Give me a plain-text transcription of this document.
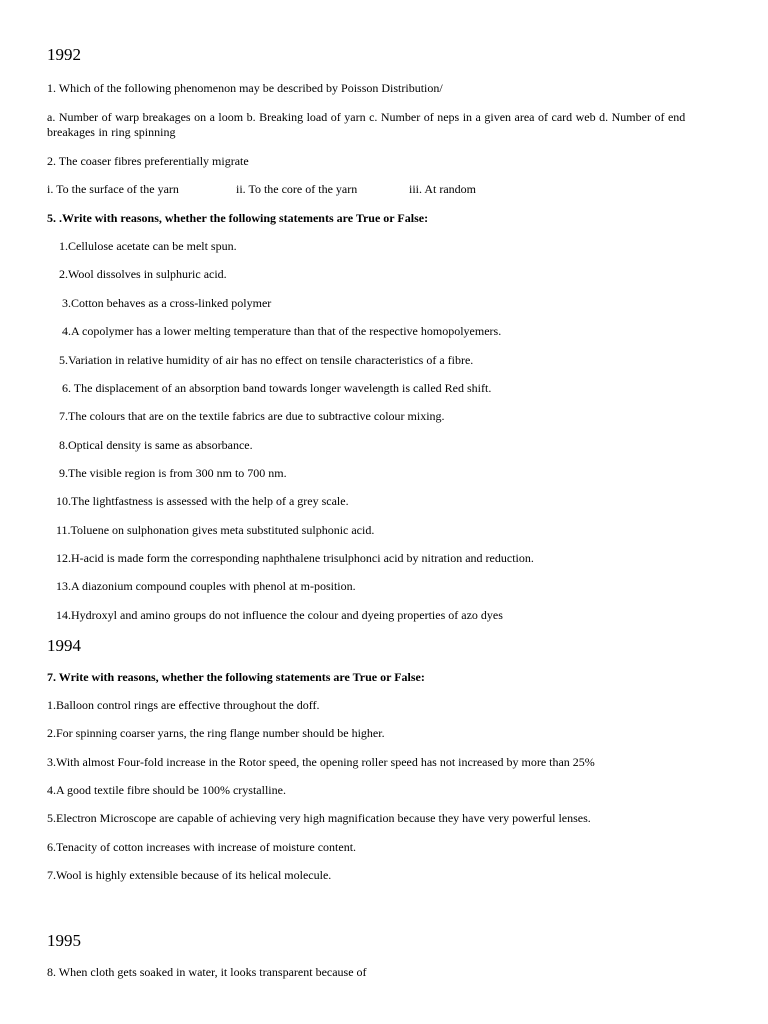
1992
1. Which of the following phenomenon may be described by Poisson Distribution/
a. Number of warp breakages on a loom b. Breaking load of yarn c. Number of neps in a given area of card web d. Number of end breakages in ring spinning
2. The coaser fibres preferentially migrate
i. To the surface of the yarn	ii. To the core of the yarn	iii. At random
5. .Write with reasons, whether the following statements are True or False:
1.Cellulose acetate can be melt spun.
2.Wool dissolves in sulphuric acid.
3.Cotton behaves as a cross-linked polymer
4.A copolymer has a lower melting temperature than that of the respective homopolyemers.
5.Variation in relative humidity of air has no effect on tensile characteristics of a fibre.
6. The displacement of an absorption band towards longer wavelength is called Red shift.
7.The colours that are on the textile fabrics are due to subtractive colour mixing.
8.Optical density is same as absorbance.
9.The visible region is from 300 nm to 700 nm.
10.The lightfastness is assessed with the help of a grey scale.
11.Toluene on sulphonation gives meta substituted sulphonic acid.
12.H-acid is made form the corresponding naphthalene trisulphonci acid by nitration and reduction.
13.A diazonium compound couples with phenol at m-position.
14.Hydroxyl and amino groups do not influence the colour and dyeing properties of azo dyes
1994
7. Write with reasons, whether the following statements are True or False:
1.Balloon control rings are effective throughout the doff.
2.For spinning coarser yarns, the ring flange number should be higher.
3.With almost Four-fold increase in the Rotor speed, the opening roller speed has not increased by more than 25%
4.A good textile fibre should be 100% crystalline.
5.Electron Microscope are capable of achieving very high magnification because they have very powerful lenses.
6.Tenacity of cotton increases with increase of moisture content.
7.Wool is highly extensible because of its helical molecule.
1995
8. When cloth gets soaked in water, it looks transparent because of
